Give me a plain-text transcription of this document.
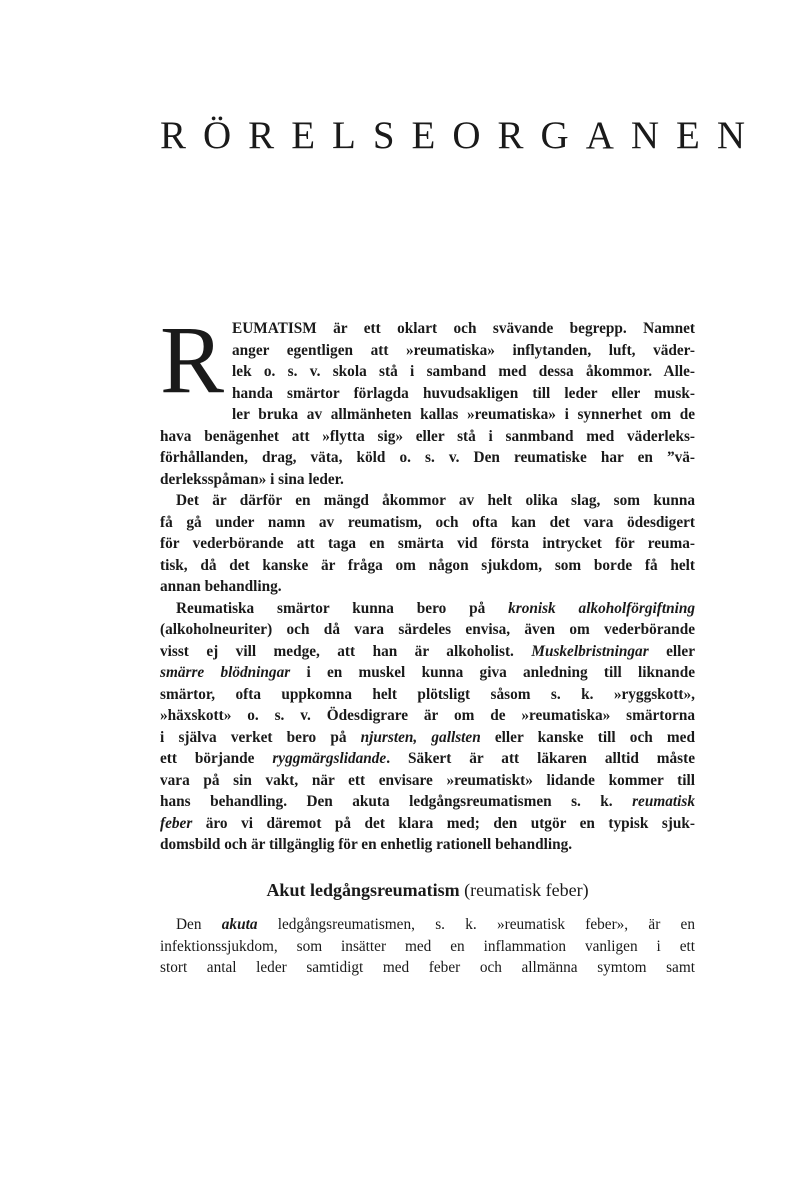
RÖRELSEORGANEN

R EUMATISM är ett oklart och svävande begrepp. Namnet
anger egentligen att »reumatiska» inflytanden, luft, väder-
lek o. s. v. skola stå i samband med dessa åkommor. Alle-
handa smärtor förlagda huvudsakligen till leder eller musk-
ler bruka av allmänheten kallas »reumatiska» i synnerhet om de
hava benägenhet att »flytta sig» eller stå i sanmband med väderleks-
förhållanden, drag, väta, köld o. s. v. Den reumatiske har en ”vä-
derleksspåman» i sina leder.

Det är därför en mängd åkommor av helt olika slag, som kunna
få gå under namn av reumatism, och ofta kan det vara ödesdigert
för vederbörande att taga en smärta vid första intrycket för reuma-
tisk, då det kanske är fråga om någon sjukdom, som borde få helt
annan behandling.

Reumatiska smärtor kunna bero på kronisk alkoholförgiftning
(alkoholneuriter) och då vara särdeles envisa, även om vederbörande
visst ej vill medge, att han är alkoholist. Muskelbristningar eller
smärre blödningar i en muskel kunna giva anledning till liknande
smärtor, ofta uppkomna helt plötsligt såsom s. k. »ryggskott»,
»häxskott» o. s. v. Ödesdigrare är om de »reumatiska» smärtorna
i själva verket bero på njursten, gallsten eller kanske till och med
ett börjande ryggmärgslidande. Säkert är att läkaren alltid måste
vara på sin vakt, när ett envisare »reumatiskt» lidande kommer till
hans behandling. Den akuta ledgångsreumatismen s. k. reumatisk
feber äro vi däremot på det klara med; den utgör en typisk sjuk-
domsbild och är tillgänglig för en enhetlig rationell behandling.

Akut ledgångsreumatism (reumatisk feber)

Den akuta ledgångsreumatismen, s. k. »reumatisk feber», är en
infektionssjukdom, som insätter med en inflammation vanligen i ett
stort antal leder samtidigt med feber och allmänna symtom samt
